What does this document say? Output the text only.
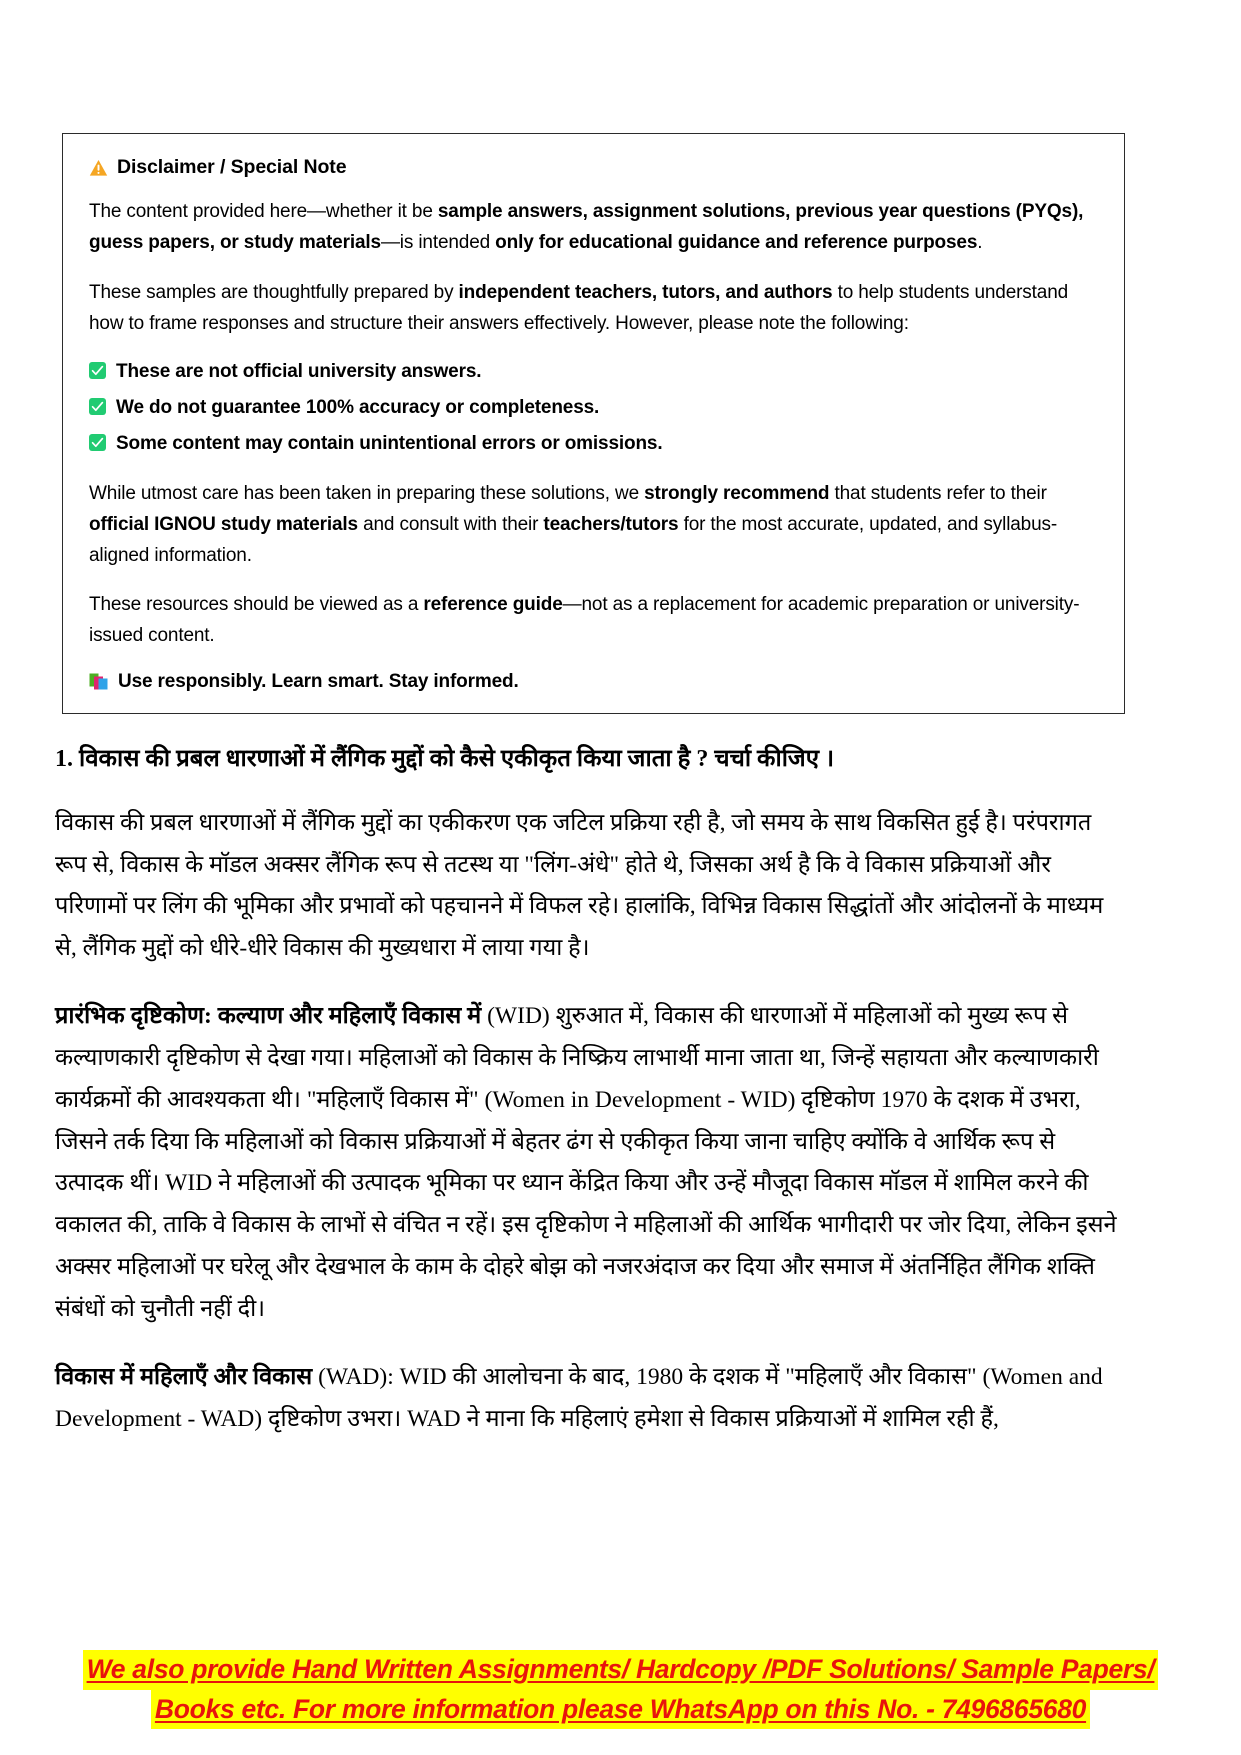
Disclaimer / Special Note

The content provided here—whether it be sample answers, assignment solutions, previous year questions (PYQs), guess papers, or study materials—is intended only for educational guidance and reference purposes.

These samples are thoughtfully prepared by independent teachers, tutors, and authors to help students understand how to frame responses and structure their answers effectively. However, please note the following:

These are not official university answers.
We do not guarantee 100% accuracy or completeness.
Some content may contain unintentional errors or omissions.

While utmost care has been taken in preparing these solutions, we strongly recommend that students refer to their official IGNOU study materials and consult with their teachers/tutors for the most accurate, updated, and syllabus-aligned information.

These resources should be viewed as a reference guide—not as a replacement for academic preparation or university-issued content.

Use responsibly. Learn smart. Stay informed.
1. विकास की प्रबल धारणाओं में लैंगिक मुद्दों को कैसे एकीकृत किया जाता है ? चर्चा कीजिए ।

विकास की प्रबल धारणाओं में लैंगिक मुद्दों का एकीकरण एक जटिल प्रक्रिया रही है, जो समय के साथ विकसित हुई है। परंपरागत रूप से, विकास के मॉडल अक्सर लैंगिक रूप से तटस्थ या "लिंग-अंधे" होते थे, जिसका अर्थ है कि वे विकास प्रक्रियाओं और परिणामों पर लिंग की भूमिका और प्रभावों को पहचानने में विफल रहे। हालांकि, विभिन्न विकास सिद्धांतों और आंदोलनों के माध्यम से, लैंगिक मुद्दों को धीरे-धीरे विकास की मुख्यधारा में लाया गया है।

प्रारंभिक दृष्टिकोण: कल्याण और महिलाएँ विकास में (WID) शुरुआत में, विकास की धारणाओं में महिलाओं को मुख्य रूप से कल्याणकारी दृष्टिकोण से देखा गया। महिलाओं को विकास के निष्क्रिय लाभार्थी माना जाता था, जिन्हें सहायता और कल्याणकारी कार्यक्रमों की आवश्यकता थी। "महिलाएँ विकास में" (Women in Development - WID) दृष्टिकोण 1970 के दशक में उभरा, जिसने तर्क दिया कि महिलाओं को विकास प्रक्रियाओं में बेहतर ढंग से एकीकृत किया जाना चाहिए क्योंकि वे आर्थिक रूप से उत्पादक थीं। WID ने महिलाओं की उत्पादक भूमिका पर ध्यान केंद्रित किया और उन्हें मौजूदा विकास मॉडल में शामिल करने की वकालत की, ताकि वे विकास के लाभों से वंचित न रहें। इस दृष्टिकोण ने महिलाओं की आर्थिक भागीदारी पर जोर दिया, लेकिन इसने अक्सर महिलाओं पर घरेलू और देखभाल के काम के दोहरे बोझ को नजरअंदाज कर दिया और समाज में अंतर्निहित लैंगिक शक्ति संबंधों को चुनौती नहीं दी।

विकास में महिलाएँ और विकास (WAD): WID की आलोचना के बाद, 1980 के दशक में "महिलाएँ और विकास" (Women and Development - WAD) दृष्टिकोण उभरा। WAD ने माना कि महिलाएं हमेशा से विकास प्रक्रियाओं में शामिल रही हैं,

We also provide Hand Written Assignments/ Hardcopy /PDF Solutions/ Sample Papers/
Books etc. For more information please WhatsApp on this No. - 7496865680
